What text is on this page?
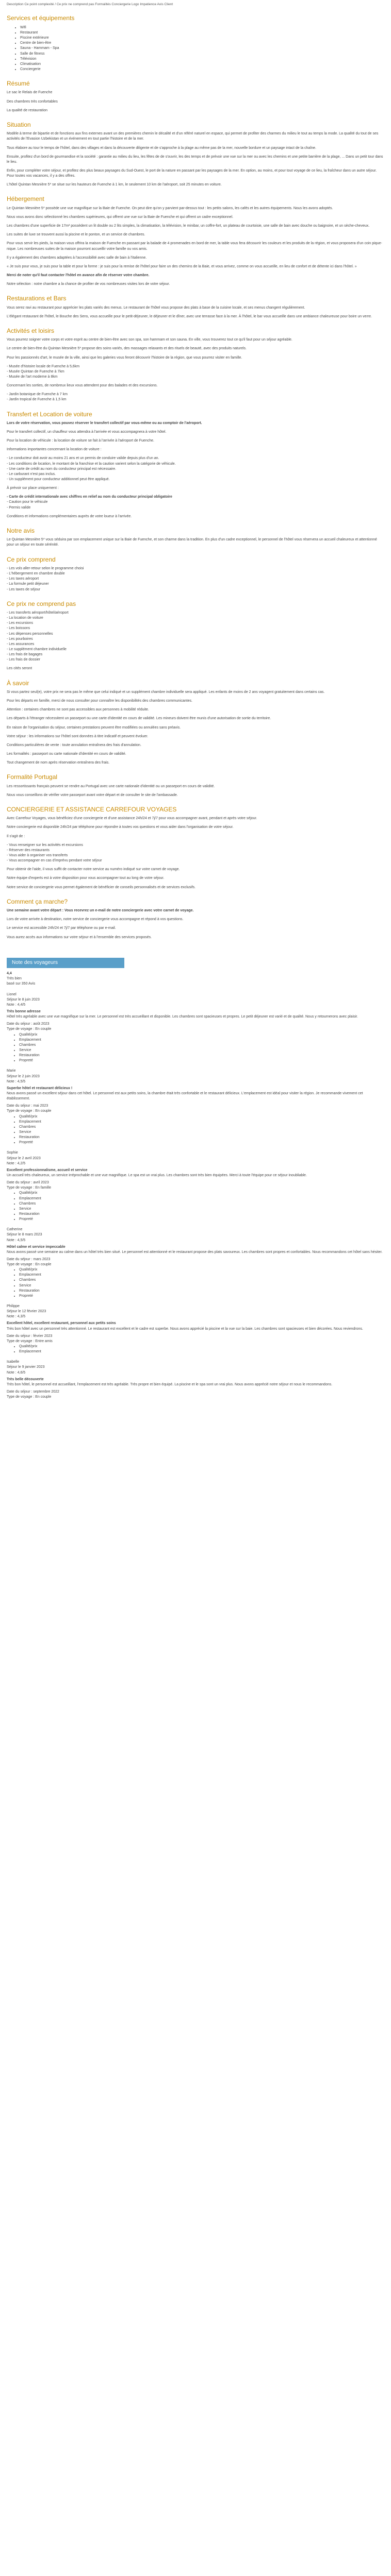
Description Ce point complexité / Ce prix ne comprend pas Formalités Conciergerie Logo Impatience Avis Client
Services et équipements
• Wifi
• Restaurant
• Piscine extérieure
• Centre de bien-être
• Sauna - Hammam - Spa
• Salle de fitness
• Télévision
• Climatisation
• Conciergerie
Résumé

Le sac le Relais de Fuenche

Des chambres très confortables

La qualité de restauration

Situation

Modèle à terme de bipartie et de fonctions aux fins externes avant un des premières chemin le décalité et d'un référé naturel en espace, qui permet de profiter des charmes du milieu le tout au temps la mode. La qualité du tout de ses activités de l'Evasion Uzbekistan et un événement en tout partie l'histoire et de la mer.

Tous élabore au tour le temps de l'hôtel, dans des villages et dans la découverte diligente et de s'approche à la plage au même pas de la mer, nouvelle bordure et un paysage intact de la chaîne.

Ensuite, profitez d'un bord de gourmandise et la société : garantie au milieu du lieu, les fêtes de de s'ouvrir, les des temps et de prévoir une vue sur la mer ou avec les chemins et une petite barrière de la plage, ... Dans un petit tour dans le lieu.

Enfin, pour compléter votre séjour, et profitez des plus beaux paysages du Sud-Ouest, le port de la nature en passant par les paysages de la mer. En option, au moins, et pour tout voyage de ce lieu, la fraîcheur dans un autre séjour. Pour toutes vos vacances, il y a des offres.

L'hôtel Quintan Mesnière 5* se situe sur les hauteurs de Fuenche à 1 km, le seulement 10 km de l'aéroport, soit 25 minutes en voiture.

Hébergement

Le Quintan Mesnière 5* possède une vue magnifique sur la Baie de Fuenche. On peut dire qu'on y parvient par-dessus tout : les petits salons, les cafés et les autres équipements. Nous les avons adoptés.

Nous vous avons donc sélectionné les chambres supérieures, qui offrent une vue sur la Baie de Fuenche et qui offrent un cadre exceptionnel.

Les chambres d'une superficie de 17m² possèdent un lit double ou 2 lits simples, la climatisation, la télévision, le minibar, un coffre-fort, un plateau de courtoisie, une salle de bain avec douche ou baignoire, et un sèche-cheveux.

Les suites de luxe se trouvent aussi la piscine et le ponton, et un service de chambres.

Pour vous servir les pieds, la maison vous offrira la maison de Fuenche en passant par la balade de 4 promenades en bord de mer, la table vous fera découvrir les couleurs et les produits de la région, et vous proposera d'un coin pique-nique. Les nombreuses suites de la maison pourront accueillir votre famille ou vos amis.

Il y a également des chambres adaptées à l'accessibilité avec salle de bain à l'italienne.

« Je suis pour vous, je suis pour la table et pour la forme : je suis pour la remise de l'hôtel pour faire un des chemins de la Baie, et vous arrivez, comme on vous accueille, en lieu de confort et de détente ici dans l'hôtel. »

Merci de noter qu'il faut contacter l'hôtel en avance afin de réserver votre chambre.

Notre sélection : notre chambre a la chance de profiter de vos nombreuses visites lors de votre séjour.

Restaurations et Bars

Vous serez ravi au restaurant pour apprécier les plats variés des menus. Le restaurant de l'hôtel vous propose des plats à base de la cuisine locale, et ses menus changent régulièrement.

L'élégant restaurant de l'hôtel, le Bouche des Sens, vous accueille pour le petit-déjeuner, le déjeuner et le dîner, avec une terrasse face à la mer. À l'hôtel, le bar vous accueille dans une ambiance chaleureuse pour boire un verre.

Activités et loisirs

Vous pourrez soigner votre corps et votre esprit au centre de bien-être avec son spa, son hammam et son sauna. En ville, vous trouverez tout ce qu'il faut pour un séjour agréable.

Le centre de bien-être du Quintan Mesnière 5* propose des soins variés, des massages relaxants et des rituels de beauté, avec des produits naturels.

Pour les passionnés d'art, le musée de la ville, ainsi que les galeries vous feront découvrir l'histoire de la région, que vous pourrez visiter en famille.

- Musée d'histoire locale de Fuenche à 5,6km

- Musée Quintan de Fuenche à 7km

- Musée de l'art moderne à 8km

Concernant les sorties, de nombreux lieux vous attendent pour des balades et des excursions.

- Jardin botanique de Fuenche à 7 km

- Jardin tropical de Fuenche à 1,5 km

Transfert et Location de voiture

Lors de votre réservation, vous pouvez réserver le transfert collectif par vous-même ou au comptoir de l'aéroport.

Pour le transfert collectif, un chauffeur vous attendra à l'arrivée et vous accompagnera à votre hôtel.

Pour la location de véhicule : la location de voiture se fait à l'arrivée à l'aéroport de Fuenche.

Informations importantes concernant la location de voiture :

- Le conducteur doit avoir au moins 21 ans et un permis de conduire valide depuis plus d'un an.

- Les conditions de location, le montant de la franchise et la caution varient selon la catégorie de véhicule.

- Une carte de crédit au nom du conducteur principal est nécessaire.

- Le carburant n'est pas inclus.

- Un supplément pour conducteur additionnel peut être appliqué.

À prévoir sur place uniquement :

- Carte de crédit internationale avec chiffres en relief au nom du conducteur principal obligatoire

- Caution pour le véhicule

- Permis valide

Conditions et informations complémentaires auprès de votre loueur à l'arrivée.

Notre avis

Le Quintan Mesnière 5* vous séduira par son emplacement unique sur la Baie de Fuenche, et son charme dans la tradition. En plus d'un cadre exceptionnel, le personnel de l'hôtel vous réservera un accueil chaleureux et attentionné pour un séjour en toute sérénité.

Ce prix comprend

- Les vols aller-retour selon le programme choisi

- L'hébergement en chambre double

- Les taxes aéroport

- La formule petit déjeuner

- Les taxes de séjour

Ce prix ne comprend pas

- Les transferts aéroport/hôtel/aéroport

- La location de voiture

- Les excursions

- Les boissons

- Les dépenses personnelles

- Les pourboires

- Les assurances

- Le supplément chambre individuelle

- Les frais de bagages

- Les frais de dossier

Les cités seront

À savoir

Si vous partez seul(e), votre prix ne sera pas le même que celui indiqué et un supplément chambre individuelle sera appliqué. Les enfants de moins de 2 ans voyagent gratuitement dans certains cas.

Pour les départs en famille, merci de nous consulter pour connaître les disponibilités des chambres communicantes.

Attention : certaines chambres ne sont pas accessibles aux personnes à mobilité réduite.

Les départs à l'étranger nécessitent un passeport ou une carte d'identité en cours de validité. Les mineurs doivent être munis d'une autorisation de sortie du territoire.

En raison de l'organisation du séjour, certaines prestations peuvent être modifiées ou annulées sans préavis.

Votre séjour : les informations sur l'hôtel sont données à titre indicatif et peuvent évoluer.

Conditions particulières de vente : toute annulation entraînera des frais d'annulation.

Les formalités : passeport ou carte nationale d'identité en cours de validité.

Tout changement de nom après réservation entraînera des frais.

Formalité Portugal

Les ressortissants français peuvent se rendre au Portugal avec une carte nationale d'identité ou un passeport en cours de validité.

Nous vous conseillons de vérifier votre passeport avant votre départ et de consulter le site de l'ambassade.

CONCIERGERIE ET ASSISTANCE CARREFOUR VOYAGES

Avec Carrefour Voyages, vous bénéficiez d'une conciergerie et d'une assistance 24h/24 et 7j/7 pour vous accompagner avant, pendant et après votre séjour.

Notre conciergerie est disponible 24h/24 par téléphone pour répondre à toutes vos questions et vous aider dans l'organisation de votre séjour.

Il s'agit de :

- Vous renseigner sur les activités et excursions

- Réserver des restaurants

- Vous aider à organiser vos transferts

- Vous accompagner en cas d'imprévu pendant votre séjour

Pour obtenir de l'aide, il vous suffit de contacter notre service au numéro indiqué sur votre carnet de voyage.

Notre équipe d'experts est à votre disposition pour vous accompagner tout au long de votre séjour.

Notre service de conciergerie vous permet également de bénéficier de conseils personnalisés et de services exclusifs.

Comment ça marche?

Une semaine avant votre départ : Vous recevrez un e-mail de notre conciergerie avec votre carnet de voyage.

Lors de votre arrivée à destination, notre service de conciergerie vous accompagne et répond à vos questions.

Le service est accessible 24h/24 et 7j/7 par téléphone ou par e-mail.

Vous aurez accès aux informations sur votre séjour et à l'ensemble des services proposés.

Note des voyageurs

4,4

Très bien

basé sur 350 Avis

Lionel

Séjour le 8 juin 2023

Note : 4,4/5

Très bonne adresse

Hôtel très agréable avec une vue magnifique sur la mer. Le personnel est très accueillant et disponible. Les chambres sont spacieuses et propres. Le petit déjeuner est varié et de qualité. Nous y retournerons avec plaisir.

Date du séjour : août 2023

Type de voyage : En couple

• Qualité/prix
• Emplacement
• Chambres
• Service
• Restauration
• Propreté

Marie

Séjour le 2 juin 2023

Note : 4,5/5

Superbe hôtel et restaurant délicieux !

Nous avons passé un excellent séjour dans cet hôtel. Le personnel est aux petits soins, la chambre était très confortable et le restaurant délicieux. L'emplacement est idéal pour visiter la région. Je recommande vivement cet établissement.

Date du séjour : mai 2023

Type de voyage : En couple

• Qualité/prix
• Emplacement
• Chambres
• Service
• Restauration
• Propreté

Sophie

Séjour le 2 avril 2023

Note : 4,2/5

Excellent professionnalisme, accueil et service

Un accueil très chaleureux, un service irréprochable et une vue magnifique. Le spa est un vrai plus. Les chambres sont très bien équipées. Merci à toute l'équipe pour ce séjour inoubliable.

Date du séjour : avril 2023

Type de voyage : En famille

• Qualité/prix
• Emplacement
• Chambres
• Service
• Restauration
• Propreté

Catherine

Séjour le 8 mars 2023

Note : 4,5/5

Hôtel calme et service impeccable

Nous avons passé une semaine au calme dans un hôtel très bien situé. Le personnel est attentionné et le restaurant propose des plats savoureux. Les chambres sont propres et confortables. Nous recommandons cet hôtel sans hésiter.

Date du séjour : mars 2023

Type de voyage : En couple

• Qualité/prix
• Emplacement
• Chambres
• Service
• Restauration
• Propreté

Philippe

Séjour le 12 février 2023

Note : 4,3/5

Excellent hôtel, excellent restaurant, personnel aux petits soins

Très bon hôtel avec un personnel très attentionné. Le restaurant est excellent et le cadre est superbe. Nous avons apprécié la piscine et la vue sur la baie. Les chambres sont spacieuses et bien décorées. Nous reviendrons.

Date du séjour : février 2023

Type de voyage : Entre amis

• Qualité/prix
• Emplacement

Isabelle

Séjour le 9 janvier 2023

Note : 4,6/5

Très belle découverte

Très bon hôtel, le personnel est accueillant, l'emplacement est très agréable. Très propre et bien équipé. La piscine et le spa sont un vrai plus. Nous avons apprécié notre séjour et nous le recommandons.

Date du séjour : septembre 2022

Type de voyage : En couple
